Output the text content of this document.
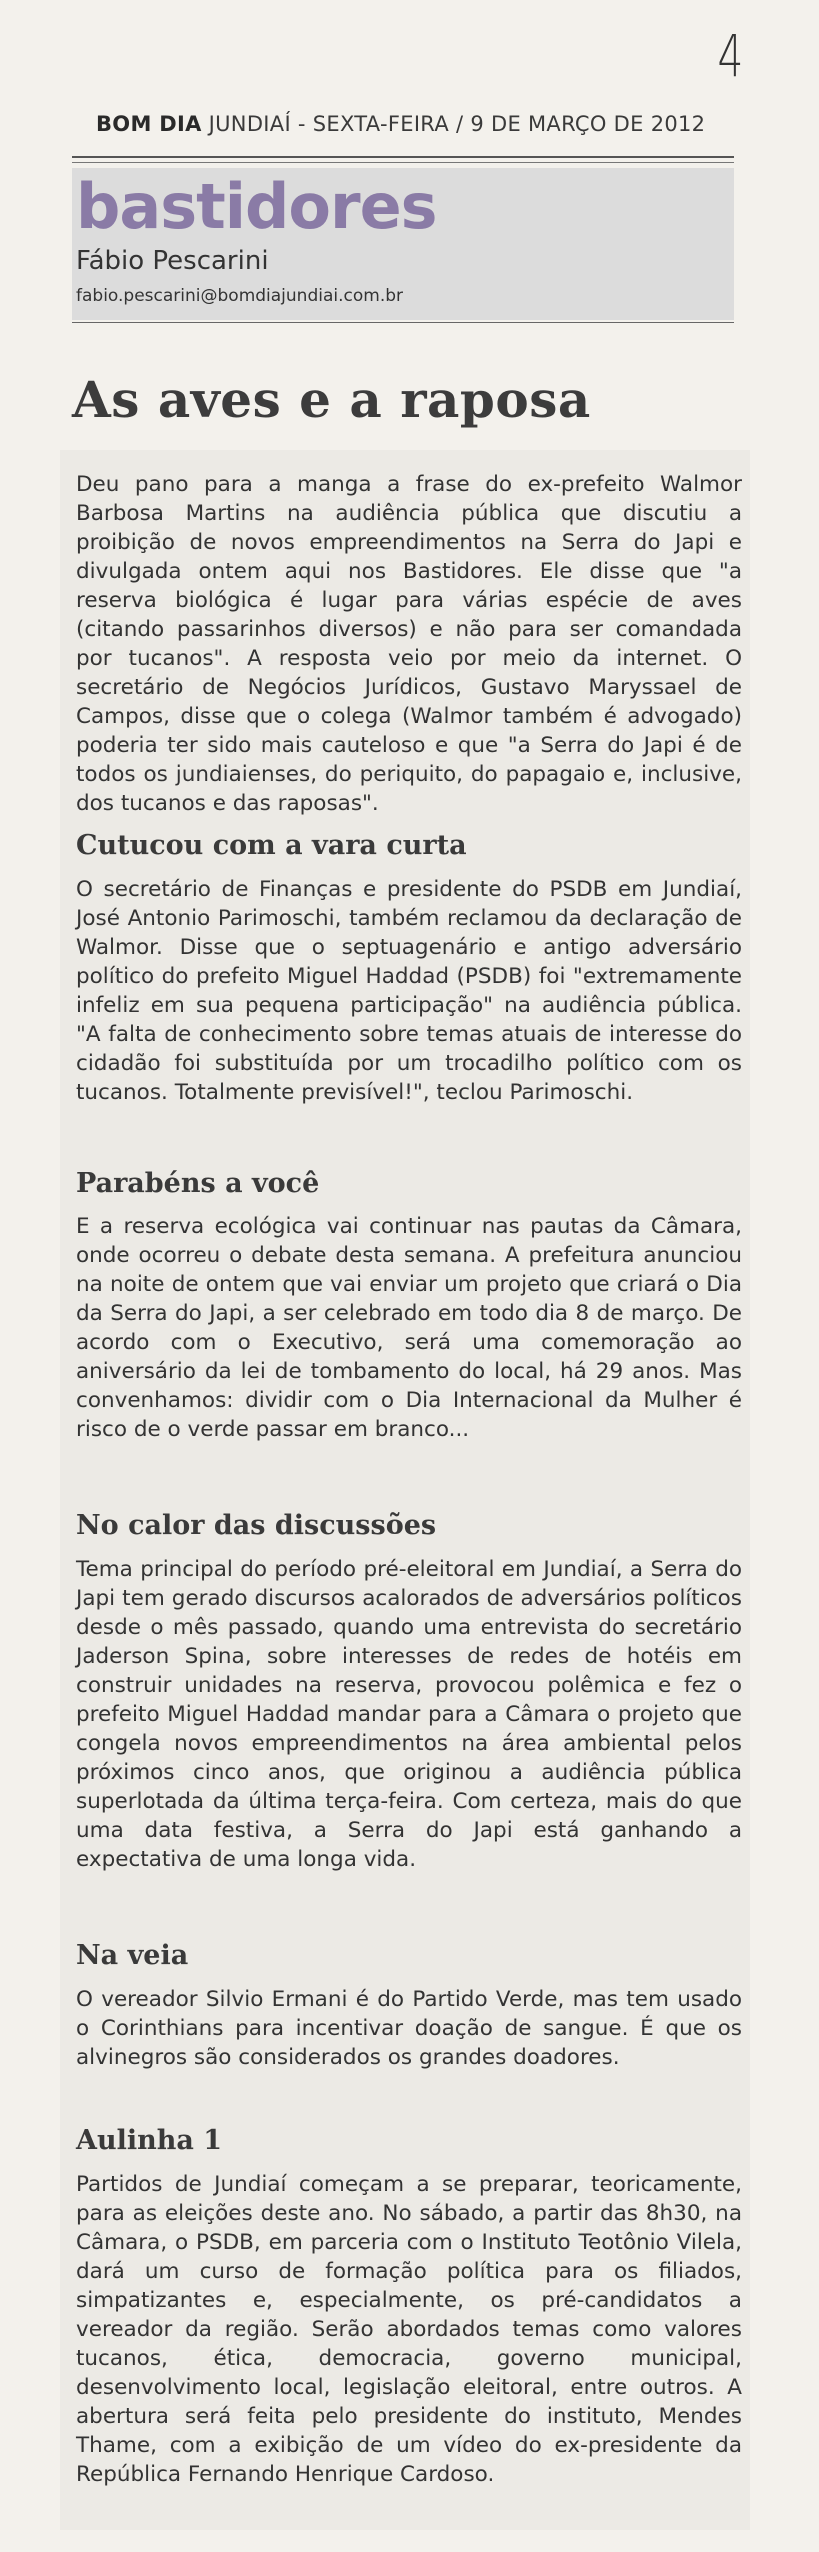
4
BOM DIA JUNDIAÍ - SEXTA-FEIRA / 9 DE MARÇO DE 2012
bastidores
Fábio Pescarini
fabio.pescarini@bomdiajundiai.com.br
As aves e a raposa

Deu pano para a manga a frase do ex-prefeito Walmor Barbosa Martins na audiência pública que discutiu a proibição de novos empreendimentos na Serra do Japi e divulgada ontem aqui nos Bastidores. Ele disse que "a reserva biológica é lugar para várias espécie de aves (citando passarinhos diversos) e não para ser comandada por tucanos". A resposta veio por meio da internet. O secretário de Negócios Jurídicos, Gustavo Maryssael de Campos, disse que o colega (Walmor também é advogado) poderia ter sido mais cauteloso e que "a Serra do Japi é de todos os jundiaienses, do periquito, do papagaio e, inclusive, dos tucanos e das raposas".

Cutucou com a vara curta

O secretário de Finanças e presidente do PSDB em Jundiaí, José Antonio Parimoschi, também reclamou da declaração de Walmor. Disse que o septuagenário e antigo adversário político do prefeito Miguel Haddad (PSDB) foi "extremamente infeliz em sua pequena participação" na audiência pública. "A falta de conhecimento sobre temas atuais de interesse do cidadão foi substituída por um trocadilho político com os tucanos. Totalmente previsível!", teclou Parimoschi.

Parabéns a você

E a reserva ecológica vai continuar nas pautas da Câmara, onde ocorreu o debate desta semana. A prefeitura anunciou na noite de ontem que vai enviar um projeto que criará o Dia da Serra do Japi, a ser celebrado em todo dia 8 de março. De acordo com o Executivo, será uma comemoração ao aniversário da lei de tombamento do local, há 29 anos. Mas convenhamos: dividir com o Dia Internacional da Mulher é risco de o verde passar em branco...

No calor das discussões

Tema principal do período pré-eleitoral em Jundiaí, a Serra do Japi tem gerado discursos acalorados de adversários políticos desde o mês passado, quando uma entrevista do secretário Jaderson Spina, sobre interesses de redes de hotéis em construir unidades na reserva, provocou polêmica e fez o prefeito Miguel Haddad mandar para a Câmara o projeto que congela novos empreendimentos na área ambiental pelos próximos cinco anos, que originou a audiência pública superlotada da última terça-feira. Com certeza, mais do que uma data festiva, a Serra do Japi está ganhando a expectativa de uma longa vida.

Na veia

O vereador Silvio Ermani é do Partido Verde, mas tem usado o Corinthians para incentivar doação de sangue. É que os alvinegros são considerados os grandes doadores.

Aulinha 1

Partidos de Jundiaí começam a se preparar, teoricamente, para as eleições deste ano. No sábado, a partir das 8h30, na Câmara, o PSDB, em parceria com o Instituto Teotônio Vilela, dará um curso de formação política para os filiados, simpatizantes e, especialmente, os pré-candidatos a vereador da região. Serão abordados temas como valores tucanos, ética, democracia, governo municipal, desenvolvimento local, legislação eleitoral, entre outros. A abertura será feita pelo presidente do instituto, Mendes Thame, com a exibição de um vídeo do ex-presidente da República Fernando Henrique Cardoso.
